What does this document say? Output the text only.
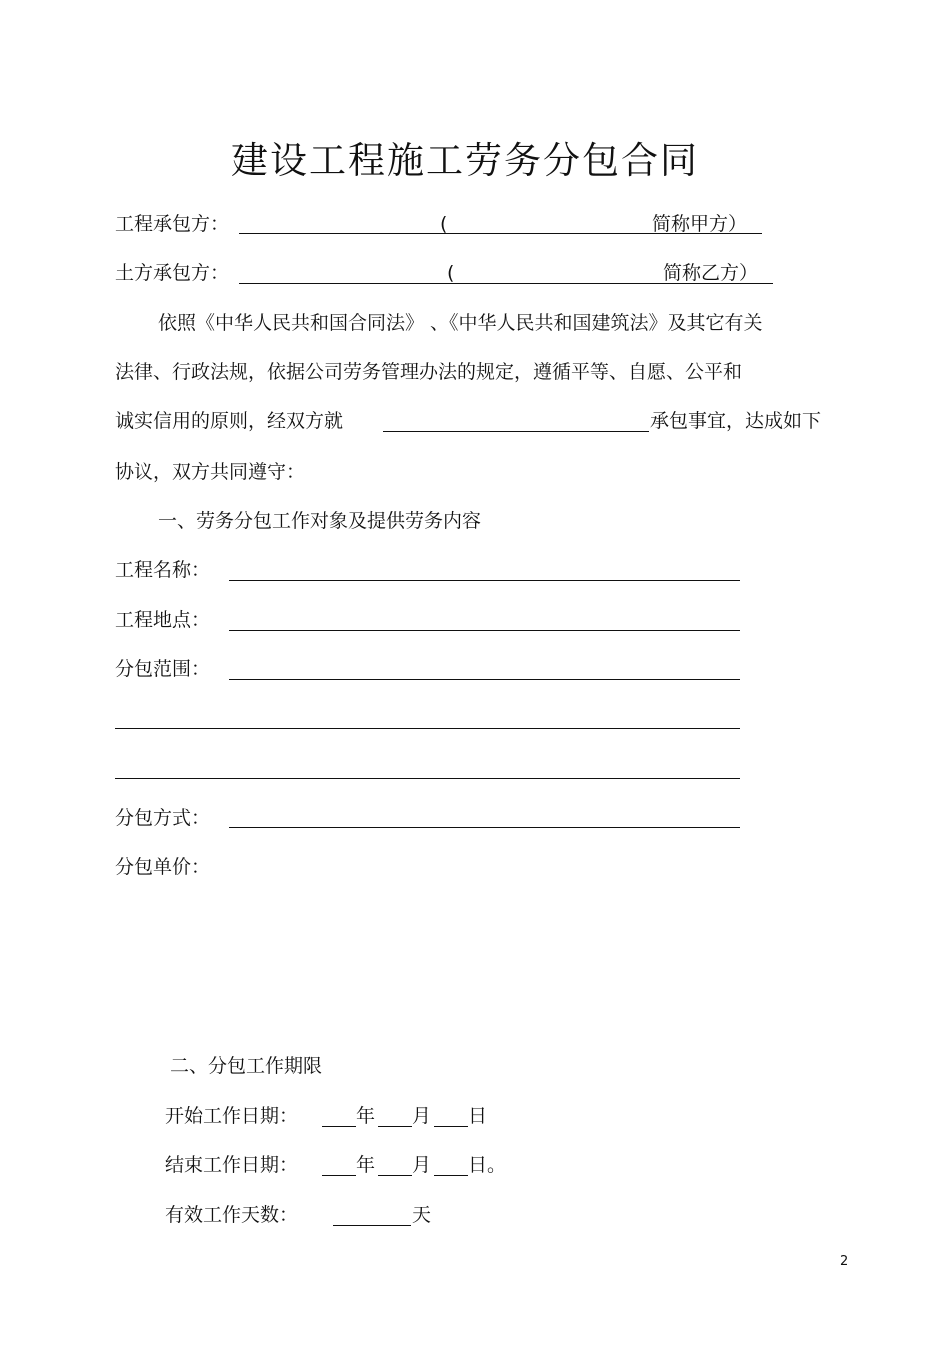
建设工程施工劳务分包合同
工程承包方：	(	简称甲方）
土方承包方：	(	简称乙方）
依照《中华人民共和国合同法》 、《中华人民共和国建筑法》及其它有关
法律、行政法规，依据公司劳务管理办法的规定，遵循平等、自愿、公平和
诚实信用的原则，经双方就	承包事宜，达成如下
协议，双方共同遵守：
一、劳务分包工作对象及提供劳务内容
工程名称：
工程地点：
分包范围：
分包方式：
分包单价：
二、分包工作期限
开始工作日期：	年 月 日
结束工作日期：	年 月 日。
有效工作天数：	天
2
